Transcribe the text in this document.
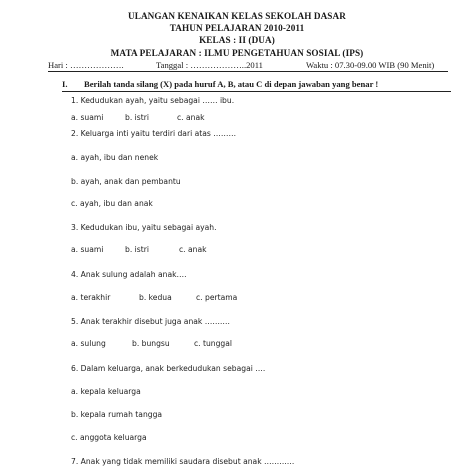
ULANGAN KENAIKAN KELAS SEKOLAH DASAR
TAHUN PELAJARAN 2010-2011
KELAS : II (DUA)
MATA PELAJARAN : ILMU PENGETAHUAN SOSIAL (IPS)
Hari : ……………….	Tanggal : ………………..2011	Waktu : 07.30-09.00 WIB (90 Menit)
I. Berilah tanda silang (X) pada huruf A, B, atau C di depan jawaban yang benar !
1. Kedudukan ayah, yaitu sebagai …… ibu.
a. suami	b. istri	c. anak
2. Keluarga inti yaitu terdiri dari atas ………
a. ayah, ibu dan nenek
b. ayah, anak dan pembantu
c. ayah, ibu dan anak
3. Kedudukan ibu, yaitu sebagai ayah.
a. suami	b. istri	c. anak
4. Anak sulung adalah anak….
a. terakhir	b. kedua	c. pertama
5. Anak terakhir disebut juga anak ……….
a. sulung	b. bungsu	c. tunggal
6. Dalam keluarga, anak berkedudukan sebagai ….
a. kepala keluarga
b. kepala rumah tangga
c. anggota keluarga
7. Anak yang tidak memiliki saudara disebut anak …………
